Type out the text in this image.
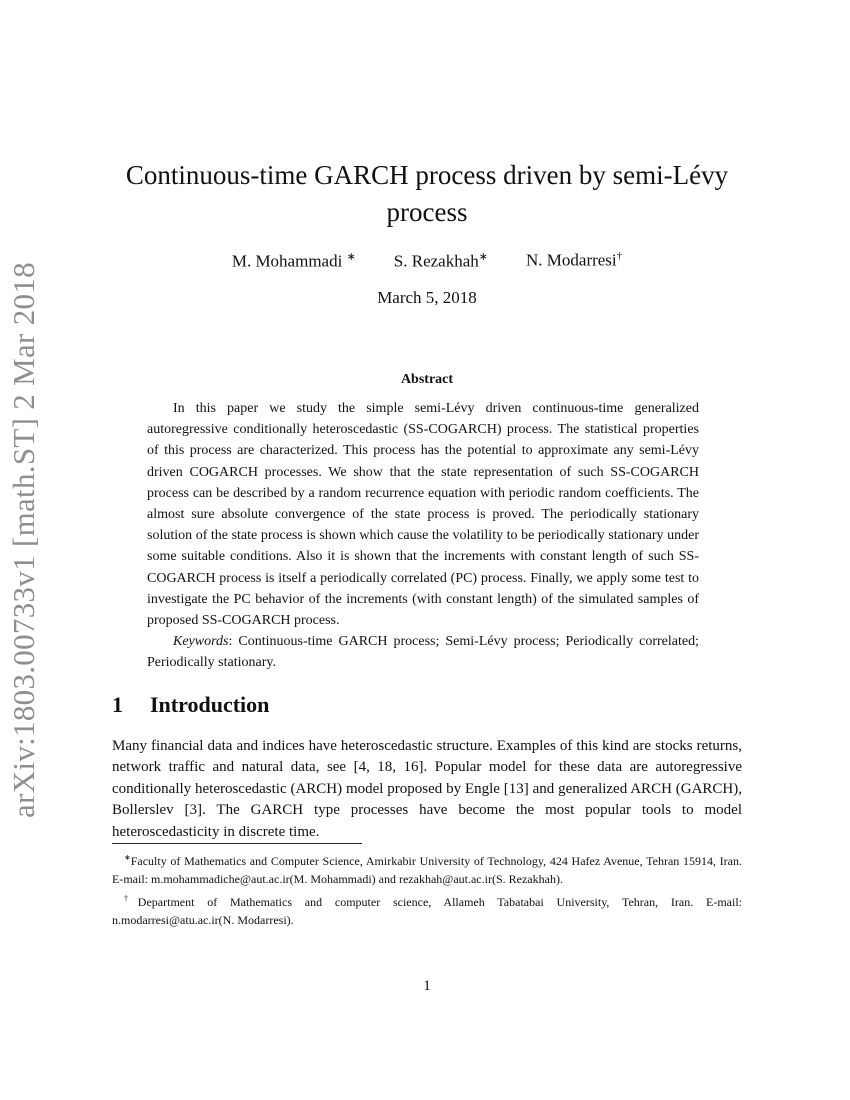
arXiv:1803.00733v1 [math.ST] 2 Mar 2018
Continuous-time GARCH process driven by semi-Lévy
process
M. Mohammadi ∗ S. Rezakhah∗ N. Modarresi†
March 5, 2018
Abstract

In this paper we study the simple semi-Lévy driven continuous-time generalized autoregressive conditionally heteroscedastic (SS-COGARCH) process. The statistical properties of this process are characterized. This process has the potential to approximate any semi-Lévy driven COGARCH processes. We show that the state representation of such SS-COGARCH process can be described by a random recurrence equation with periodic random coefficients. The almost sure absolute convergence of the state process is proved. The periodically stationary solution of the state process is shown which cause the volatility to be periodically stationary under some suitable conditions. Also it is shown that the increments with constant length of such SS-COGARCH process is itself a periodically correlated (PC) process. Finally, we apply some test to investigate the PC behavior of the increments (with constant length) of the simulated samples of proposed SS-COGARCH process.

Keywords: Continuous-time GARCH process; Semi-Lévy process; Periodically correlated; Periodically stationary.

1 Introduction
Many financial data and indices have heteroscedastic structure. Examples of this kind are stocks returns, network traffic and natural data, see [4, 18, 16]. Popular model for these data are autoregressive conditionally heteroscedastic (ARCH) model proposed by Engle [13] and generalized ARCH (GARCH), Bollerslev [3]. The GARCH type processes have become the most popular tools to model heteroscedasticity in discrete time.

∗Faculty of Mathematics and Computer Science, Amirkabir University of Technology, 424 Hafez Avenue, Tehran 15914, Iran. E-mail: m.mohammadiche@aut.ac.ir(M. Mohammadi) and rezakhah@aut.ac.ir(S. Rezakhah).

†Department of Mathematics and computer science, Allameh Tabatabai University, Tehran, Iran. E-mail: n.modarresi@atu.ac.ir(N. Modarresi).

1
